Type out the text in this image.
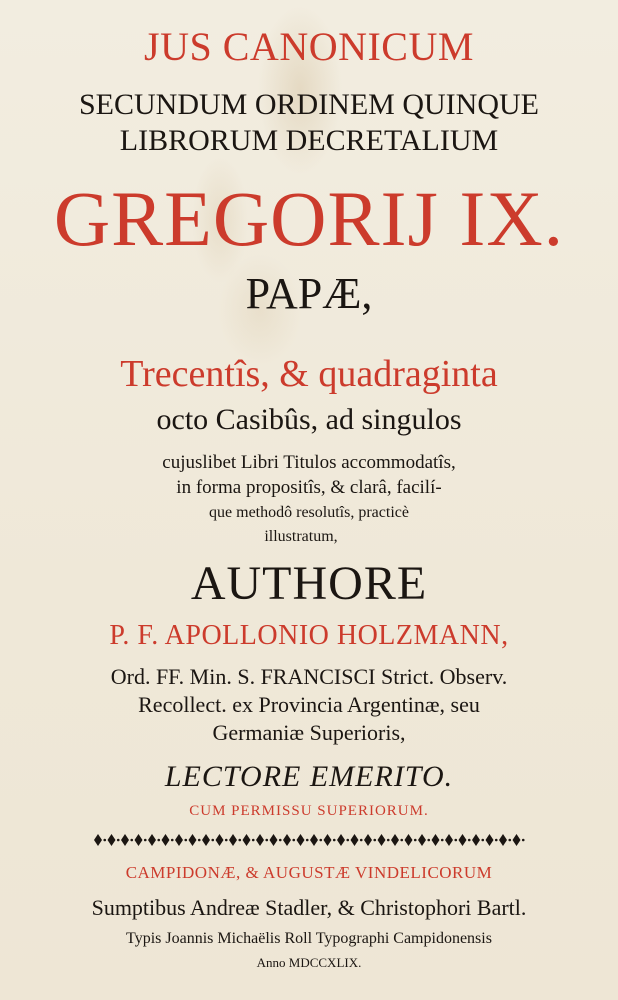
JUS CANONICUM
SECUNDUM ORDINEM QUINQUE
LIBRORUM DECRETALIUM
GREGORIJ IX.
PAPÆ,
Trecentîs, & quadraginta
octo Casibûs, ad singulos
cujuslibet Libri Titulos accommodatîs,
in forma propositîs, & clarâ, facilí-
que methodô resolutîs, practicè
illustratum,
AUTHORE
P. F. APOLLONIO HOLZMANN,
Ord. FF. Min. S. FRANCISCI Strict. Observ.
Recollect. ex Provincia Argentinæ, seu
Germaniæ Superioris,
LECTORE EMERITO.
CUM PERMISSU SUPERIORUM.
CAMPIDONÆ, & AUGUSTÆ VINDELICORUM
Sumptibus Andreæ Stadler, & Christophori Bartl.
Typis Joannis Michaëlis Roll Typographi Campidonensis
Anno MDCCXLIX.
